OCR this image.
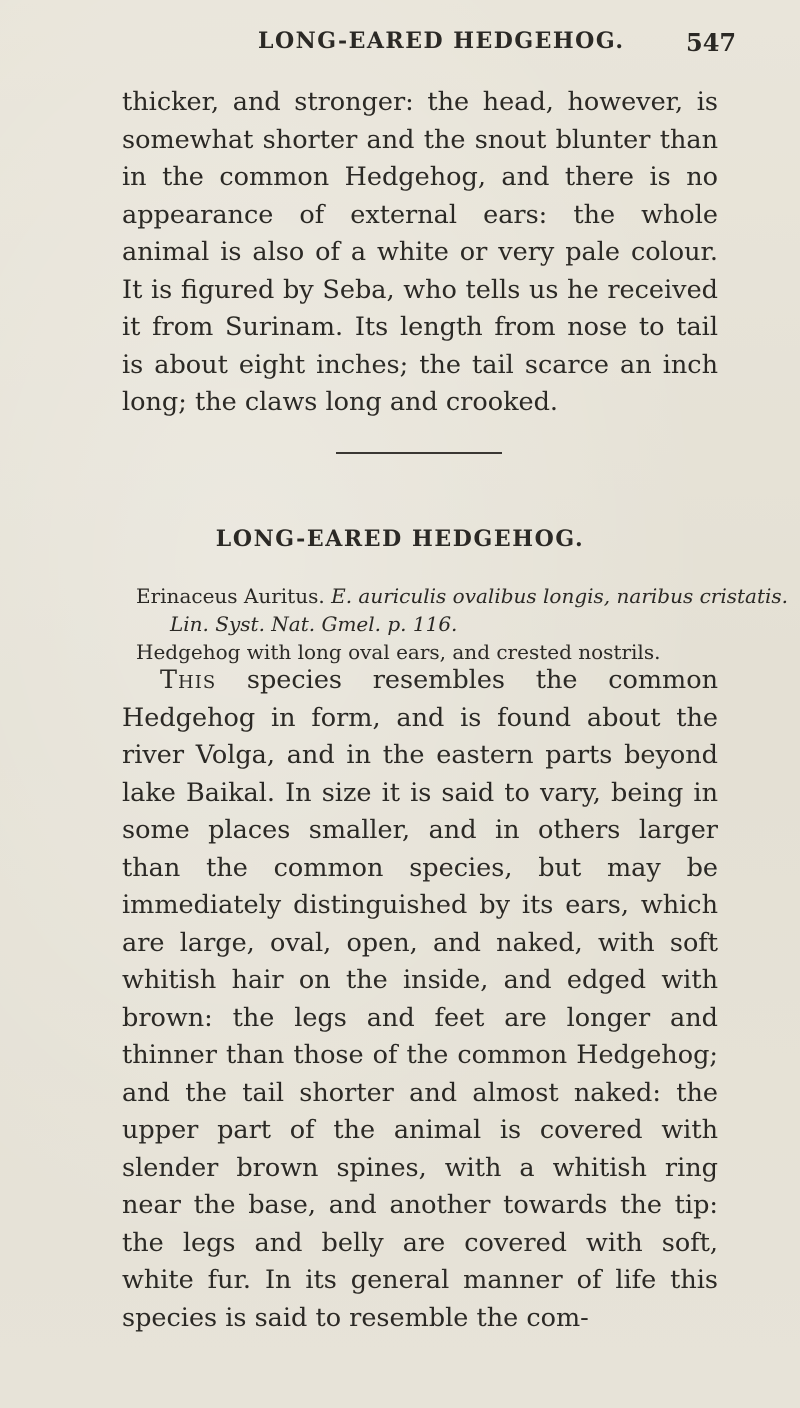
LONG-EARED HEDGEHOG.	547

thicker, and stronger: the head, however, is somewhat shorter and the snout blunter than in the common Hedgehog, and there is no appearance of external ears: the whole animal is also of a white or very pale colour. It is figured by Seba, who tells us he received it from Surinam. Its length from nose to tail is about eight inches; the tail scarce an inch long; the claws long and crooked.

LONG-EARED HEDGEHOG.
Erinaceus Auritus. E. auriculis ovalibus longis, naribus cristatis.
Lin. Syst. Nat. Gmel. p. 116.
Hedgehog with long oval ears, and crested nostrils.

This species resembles the common Hedgehog in form, and is found about the river Volga, and in the eastern parts beyond lake Baikal. In size it is said to vary, being in some places smaller, and in others larger than the common species, but may be immediately distinguished by its ears, which are large, oval, open, and naked, with soft whitish hair on the inside, and edged with brown: the legs and feet are longer and thinner than those of the common Hedgehog; and the tail shorter and almost naked: the upper part of the animal is covered with slender brown spines, with a whitish ring near the base, and another towards the tip: the legs and belly are covered with soft, white fur. In its general manner of life this species is said to resemble the com-
